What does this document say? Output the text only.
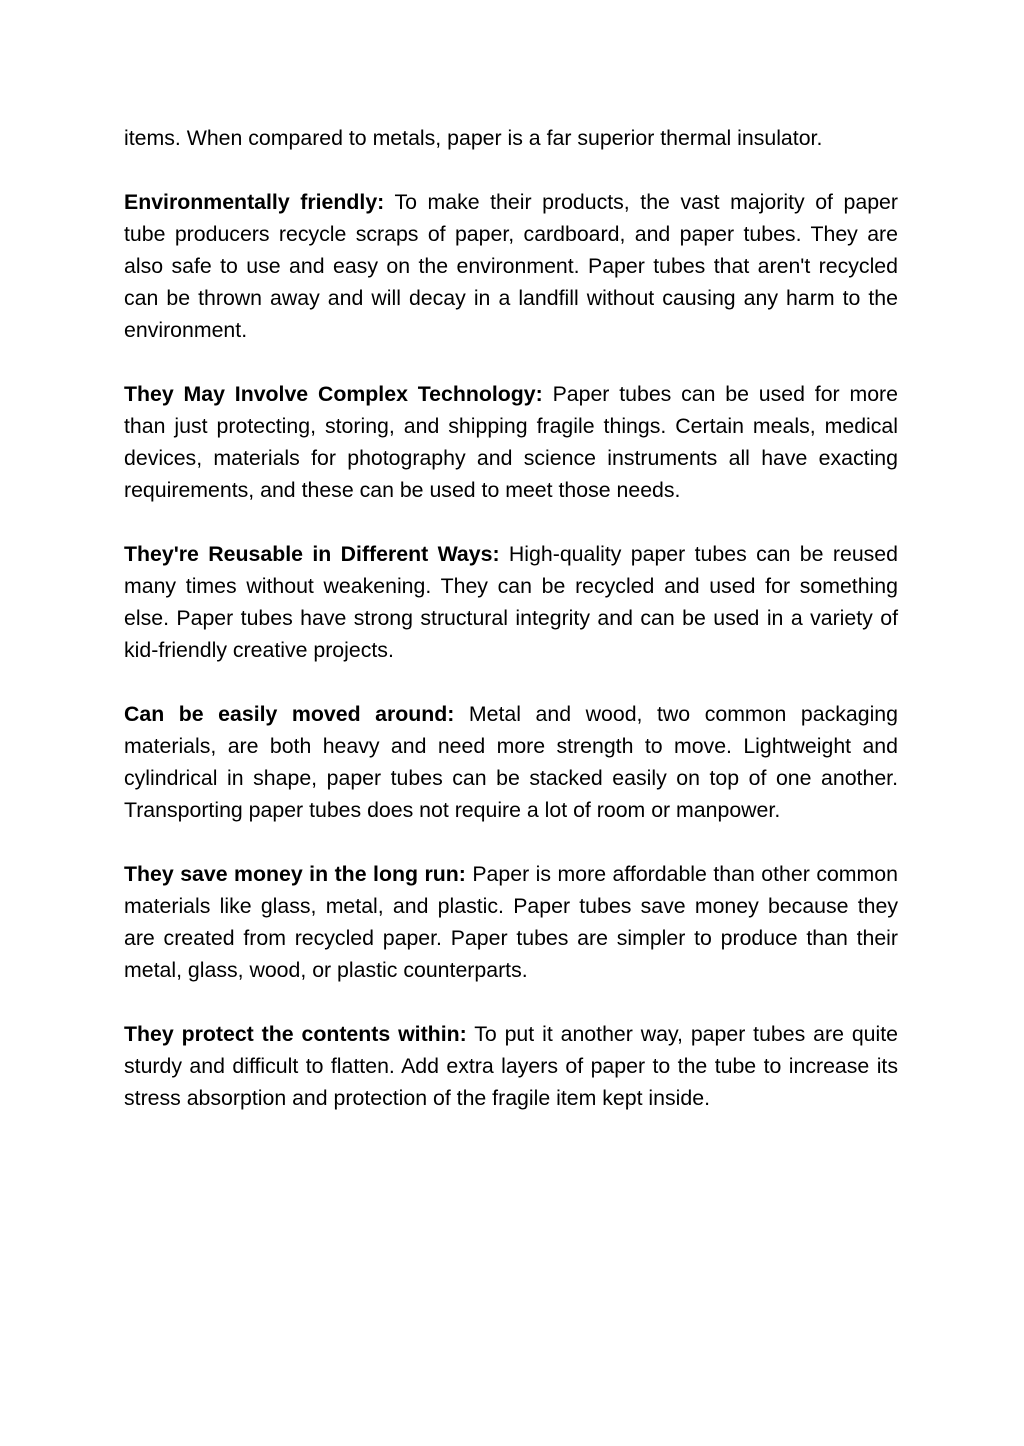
items. When compared to metals, paper is a far superior thermal insulator.

Environmentally friendly: To make their products, the vast majority of paper tube producers recycle scraps of paper, cardboard, and paper tubes. They are also safe to use and easy on the environment. Paper tubes that aren't recycled can be thrown away and will decay in a landfill without causing any harm to the environment.

They May Involve Complex Technology: Paper tubes can be used for more than just protecting, storing, and shipping fragile things. Certain meals, medical devices, materials for photography and science instruments all have exacting requirements, and these can be used to meet those needs.

They're Reusable in Different Ways: High-quality paper tubes can be reused many times without weakening. They can be recycled and used for something else. Paper tubes have strong structural integrity and can be used in a variety of kid-friendly creative projects.

Can be easily moved around: Metal and wood, two common packaging materials, are both heavy and need more strength to move. Lightweight and cylindrical in shape, paper tubes can be stacked easily on top of one another. Transporting paper tubes does not require a lot of room or manpower.

They save money in the long run: Paper is more affordable than other common materials like glass, metal, and plastic. Paper tubes save money because they are created from recycled paper. Paper tubes are simpler to produce than their metal, glass, wood, or plastic counterparts.

They protect the contents within: To put it another way, paper tubes are quite sturdy and difficult to flatten. Add extra layers of paper to the tube to increase its stress absorption and protection of the fragile item kept inside.
